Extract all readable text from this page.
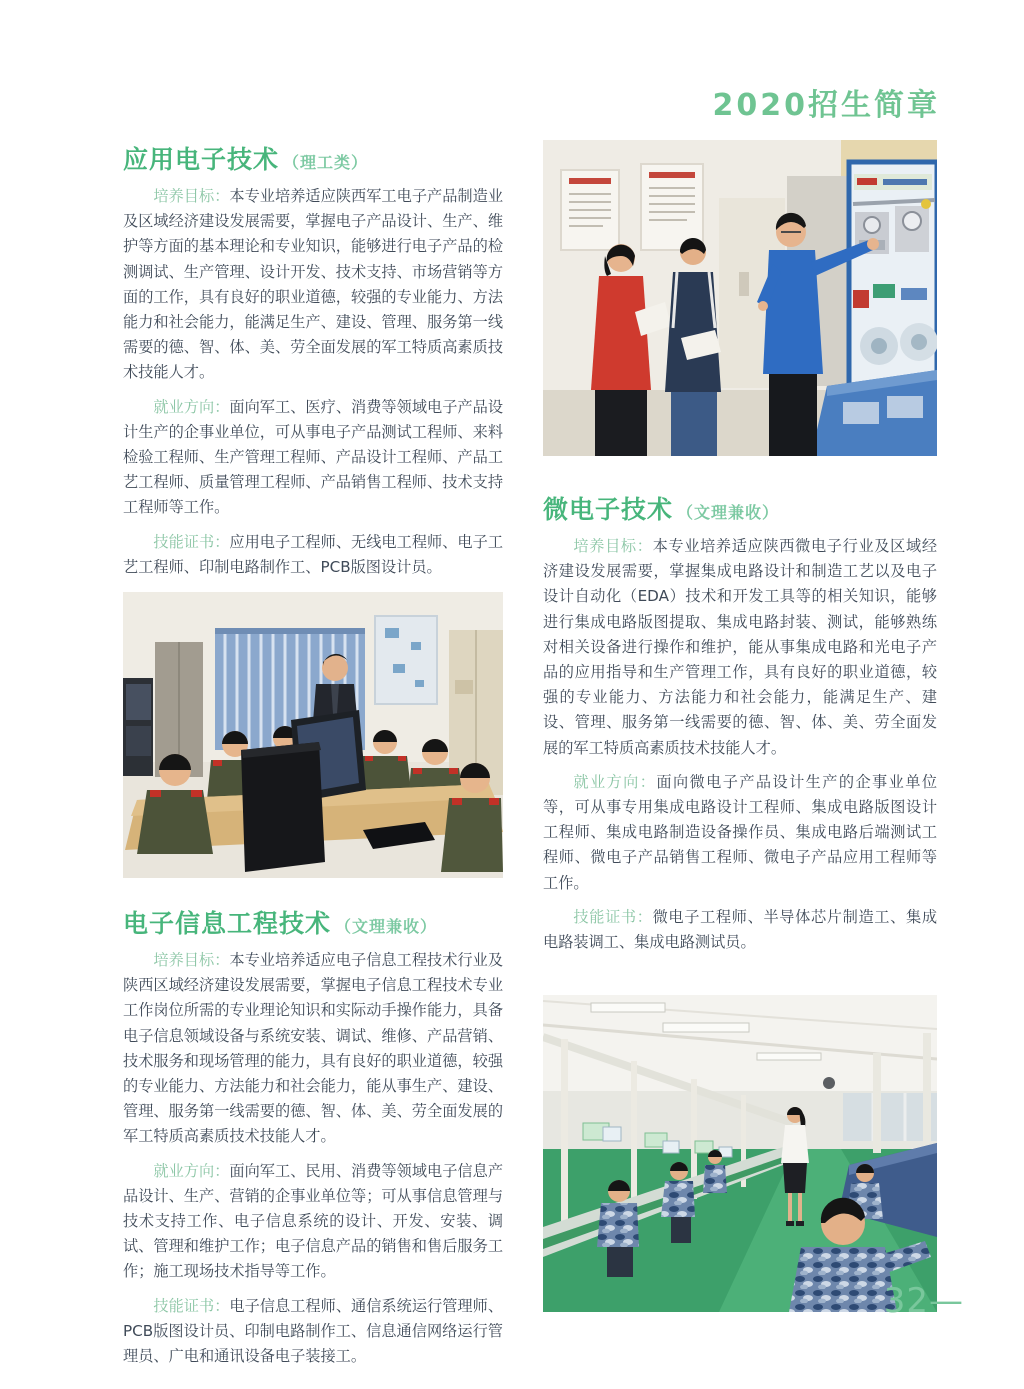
2020招生简章
应用电子技术 （理工类）

培养目标：本专业培养适应陕西军工电子产品制造业及区域经济建设发展需要，掌握电子产品设计、生产、维护等方面的基本理论和专业知识，能够进行电子产品的检测调试、生产管理、设计开发、技术支持、市场营销等方面的工作，具有良好的职业道德，较强的专业能力、方法能力和社会能力，能满足生产、建设、管理、服务第一线需要的德、智、体、美、劳全面发展的军工特质高素质技术技能人才。

就业方向：面向军工、医疗、消费等领域电子产品设计生产的企事业单位，可从事电子产品测试工程师、来料检验工程师、生产管理工程师、产品设计工程师、产品工艺工程师、质量管理工程师、产品销售工程师、技术支持工程师等工作。

技能证书：应用电子工程师、无线电工程师、电子工艺工程师、印制电路制作工、PCB版图设计员。

电子信息工程技术 （文理兼收）

培养目标：本专业培养适应电子信息工程技术行业及陕西区域经济建设发展需要，掌握电子信息工程技术专业工作岗位所需的专业理论知识和实际动手操作能力，具备电子信息领域设备与系统安装、调试、维修、产品营销、技术服务和现场管理的能力，具有良好的职业道德，较强的专业能力、方法能力和社会能力，能从事生产、建设、管理、服务第一线需要的德、智、体、美、劳全面发展的军工特质高素质技术技能人才。

就业方向：面向军工、民用、消费等领域电子信息产品设计、生产、营销的企事业单位等；可从事信息管理与技术支持工作、电子信息系统的设计、开发、安装、调试、管理和维护工作；电子信息产品的销售和售后服务工作；施工现场技术指导等工作。

技能证书：电子信息工程师、通信系统运行管理师、PCB版图设计员、印制电路制作工、信息通信网络运行管理员、广电和通讯设备电子装接工。

微电子技术 （文理兼收）

培养目标：本专业培养适应陕西微电子行业及区域经济建设发展需要，掌握集成电路设计和制造工艺以及电子设计自动化（EDA）技术和开发工具等的相关知识，能够进行集成电路版图提取、集成电路封装、测试，能够熟练对相关设备进行操作和维护，能从事集成电路和光电子产品的应用指导和生产管理工作，具有良好的职业道德，较强的专业能力、方法能力和社会能力，能满足生产、建设、管理、服务第一线需要的德、智、体、美、劳全面发展的军工特质高素质技术技能人才。

就业方向：面向微电子产品设计生产的企事业单位等，可从事专用集成电路设计工程师、集成电路版图设计工程师、集成电路制造设备操作员、集成电路后端测试工程师、微电子产品销售工程师、微电子产品应用工程师等工作。

技能证书：微电子工程师、半导体芯片制造工、集成电路装调工、集成电路测试员。

32—
